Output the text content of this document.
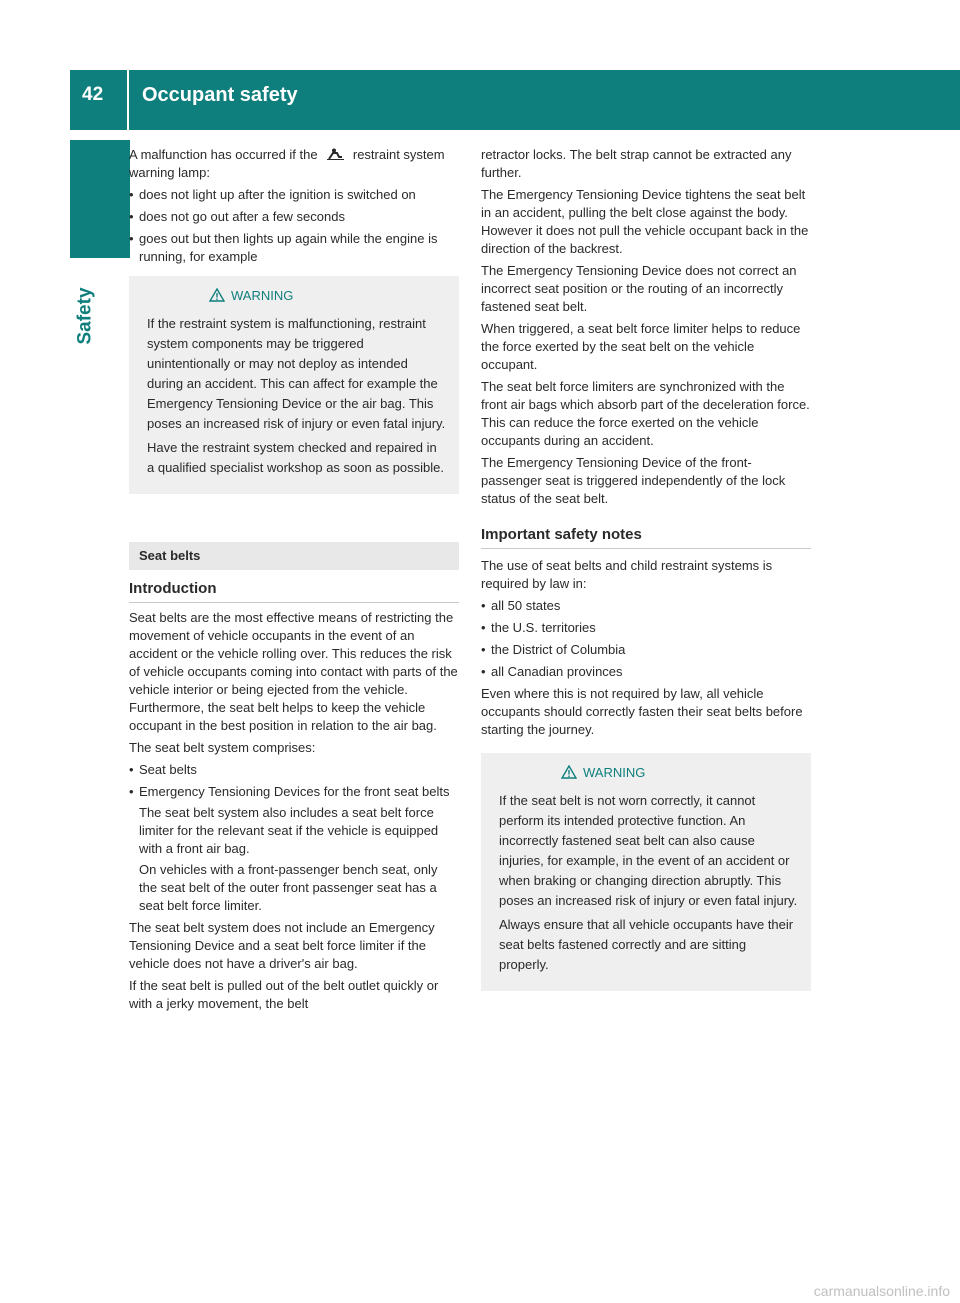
42 Occupant safety
Safety

A malfunction has occurred if the	restraint system warning lamp:

• does not light up after the ignition is switched on
• does not go out after a few seconds
• goes out but then lights up again while the engine is running, for example
WARNING

If the restraint system is malfunctioning, restraint system components may be triggered unintentionally or may not deploy as intended during an accident. This can affect for example the Emergency Tensioning Device or the air bag. This poses an increased risk of injury or even fatal injury.

Have the restraint system checked and repaired in a qualified specialist workshop as soon as possible.

Seat belts
Introduction

Seat belts are the most effective means of restricting the movement of vehicle occupants in the event of an accident or the vehicle rolling over. This reduces the risk of vehicle occupants coming into contact with parts of the vehicle interior or being ejected from the vehicle. Furthermore, the seat belt helps to keep the vehicle occupant in the best position in relation to the air bag.

The seat belt system comprises:

• Seat belts
• Emergency Tensioning Devices for the front seat belts

The seat belt system also includes a seat belt force limiter for the relevant seat if the vehicle is equipped with a front air bag.

On vehicles with a front-passenger bench seat, only the seat belt of the outer front passenger seat has a seat belt force limiter.

The seat belt system does not include an Emergency Tensioning Device and a seat belt force limiter if the vehicle does not have a driver's air bag.

If the seat belt is pulled out of the belt outlet quickly or with a jerky movement, the belt

retractor locks. The belt strap cannot be extracted any further.

The Emergency Tensioning Device tightens the seat belt in an accident, pulling the belt close against the body. However it does not pull the vehicle occupant back in the direction of the backrest.

The Emergency Tensioning Device does not correct an incorrect seat position or the routing of an incorrectly fastened seat belt.

When triggered, a seat belt force limiter helps to reduce the force exerted by the seat belt on the vehicle occupant.

The seat belt force limiters are synchronized with the front air bags which absorb part of the deceleration force. This can reduce the force exerted on the vehicle occupants during an accident.

The Emergency Tensioning Device of the front-passenger seat is triggered independently of the lock status of the seat belt.

Important safety notes

The use of seat belts and child restraint systems is required by law in:

• all 50 states
• the U.S. territories
• the District of Columbia
• all Canadian provinces

Even where this is not required by law, all vehicle occupants should correctly fasten their seat belts before starting the journey.

WARNING

If the seat belt is not worn correctly, it cannot perform its intended protective function. An incorrectly fastened seat belt can also cause injuries, for example, in the event of an accident or when braking or changing direction abruptly. This poses an increased risk of injury or even fatal injury.

Always ensure that all vehicle occupants have their seat belts fastened correctly and are sitting properly.

carmanualsonline.info
